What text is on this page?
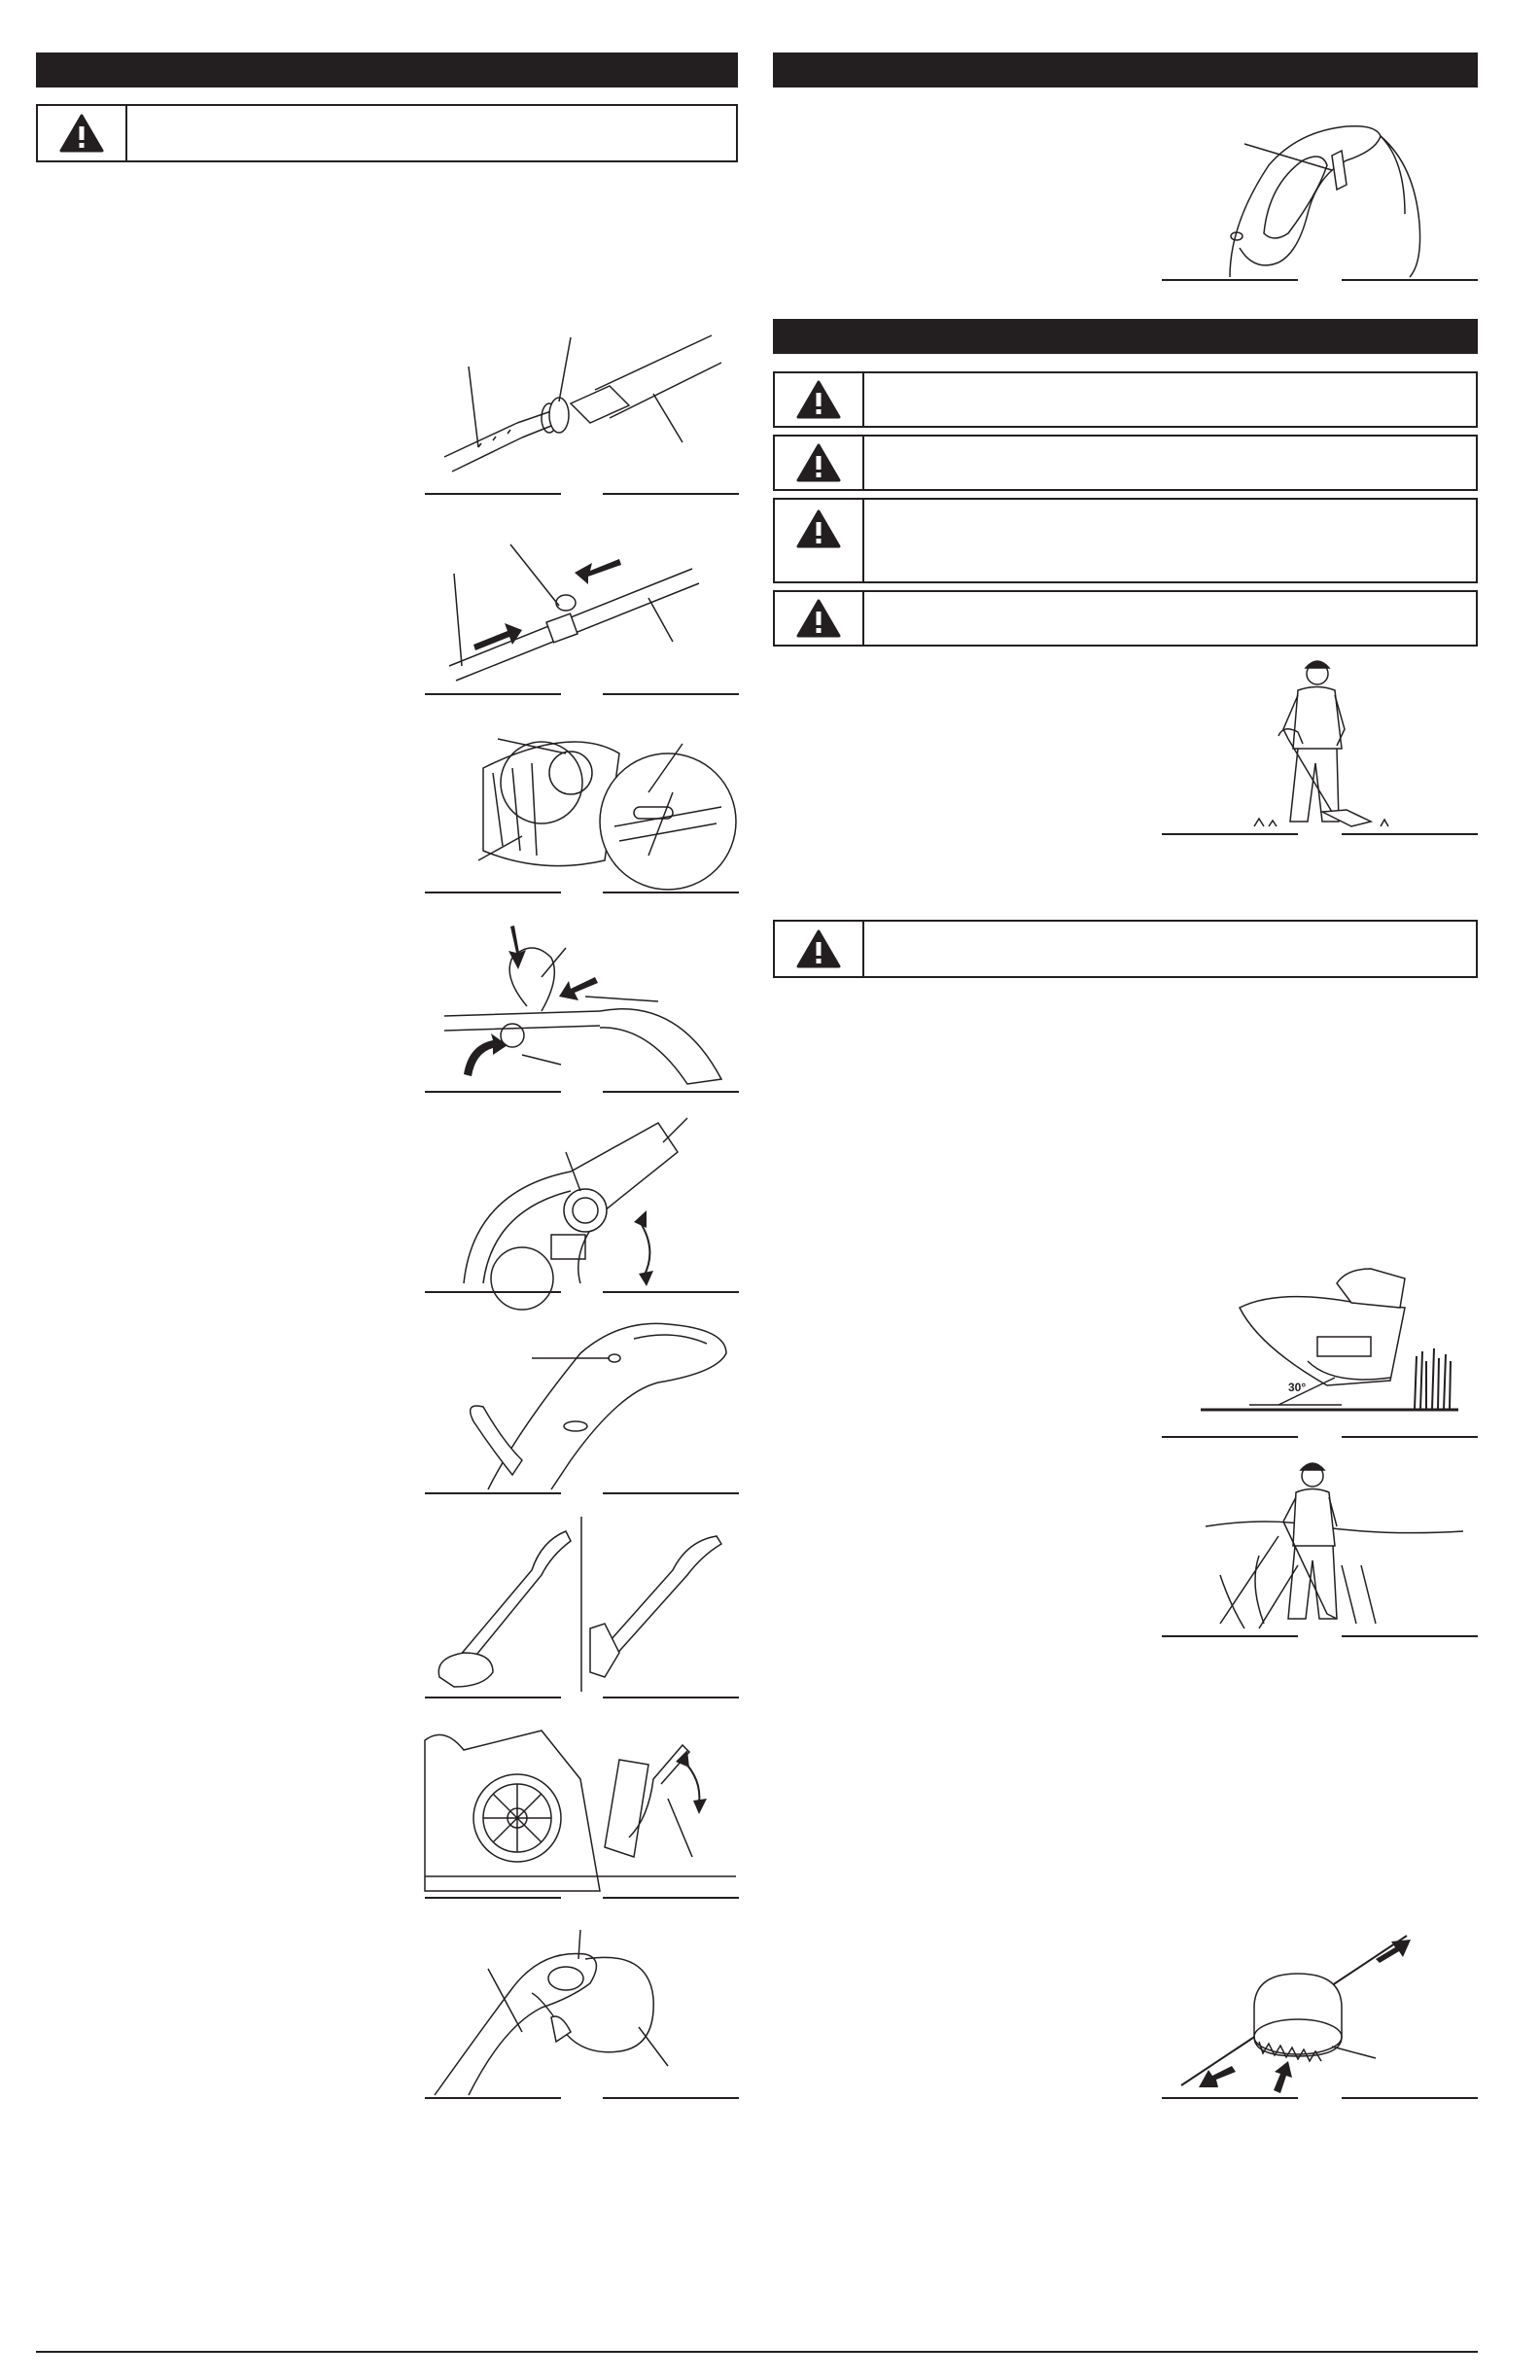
30°
